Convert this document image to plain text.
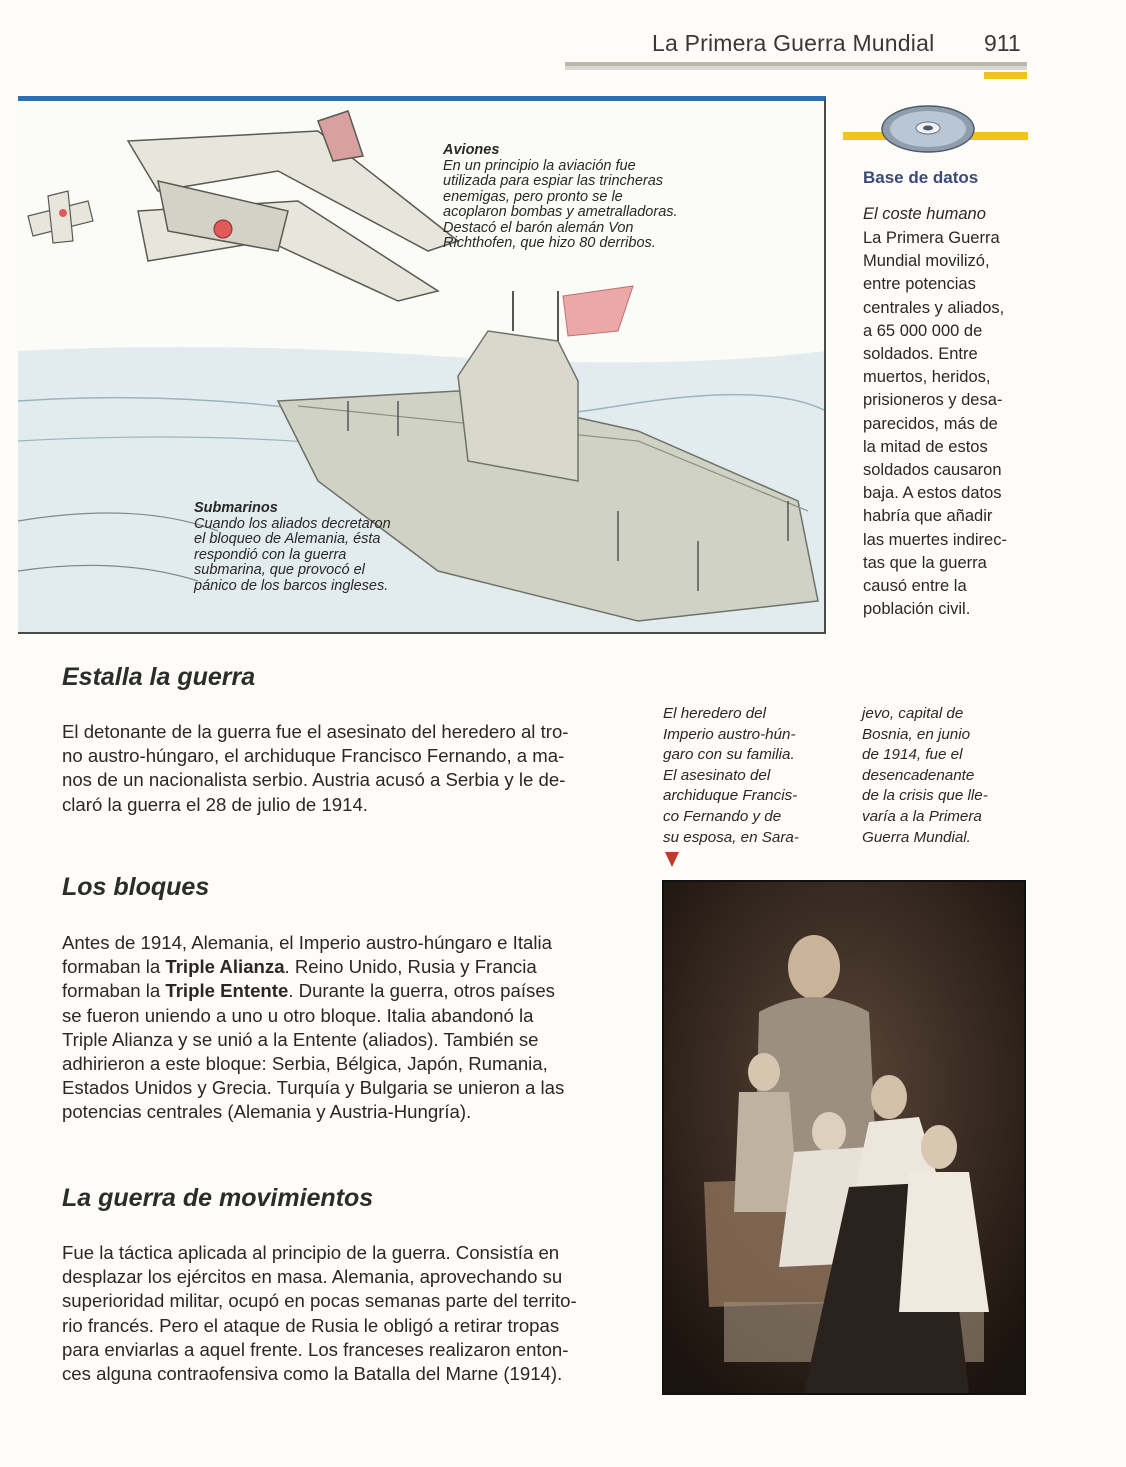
La Primera Guerra Mundial 911
Aviones
En un principio la aviación fue
utilizada para espiar las trincheras
enemigas, pero pronto se le
acoplaron bombas y ametralladoras.
Destacó el barón alemán Von
Richthofen, que hizo 80 derribos.
Submarinos
Cuando los aliados decretaron
el bloqueo de Alemania, ésta
respondió con la guerra
submarina, que provocó el
pánico de los barcos ingleses.
Base de datos
El coste humano
La Primera Guerra
Mundial movilizó,
entre potencias
centrales y aliados,
a 65 000 000 de
soldados. Entre
muertos, heridos,
prisioneros y desa-
parecidos, más de
la mitad de estos
soldados causaron
baja. A estos datos
habría que añadir
las muertes indirec-
tas que la guerra
causó entre la
población civil.
Estalla la guerra
El detonante de la guerra fue el asesinato del heredero al tro-
no austro-húngaro, el archiduque Francisco Fernando, a ma-
nos de un nacionalista serbio. Austria acusó a Serbia y le de-
claró la guerra el 28 de julio de 1914.
Los bloques
Antes de 1914, Alemania, el Imperio austro-húngaro e Italia
formaban la Triple Alianza. Reino Unido, Rusia y Francia
formaban la Triple Entente. Durante la guerra, otros países
se fueron uniendo a uno u otro bloque. Italia abandonó la
Triple Alianza y se unió a la Entente (aliados). También se
adhirieron a este bloque: Serbia, Bélgica, Japón, Rumania,
Estados Unidos y Grecia. Turquía y Bulgaria se unieron a las
potencias centrales (Alemania y Austria-Hungría).
La guerra de movimientos
Fue la táctica aplicada al principio de la guerra. Consistía en
desplazar los ejércitos en masa. Alemania, aprovechando su
superioridad militar, ocupó en pocas semanas parte del territo-
rio francés. Pero el ataque de Rusia le obligó a retirar tropas
para enviarlas a aquel frente. Los franceses realizaron enton-
ces alguna contraofensiva como la Batalla del Marne (1914).
El heredero del
Imperio austro-hún-
garo con su familia.
El asesinato del
archiduque Francis-
co Fernando y de
su esposa, en Sara-
jevo, capital de
Bosnia, en junio
de 1914, fue el
desencadenante
de la crisis que lle-
varía a la Primera
Guerra Mundial.
